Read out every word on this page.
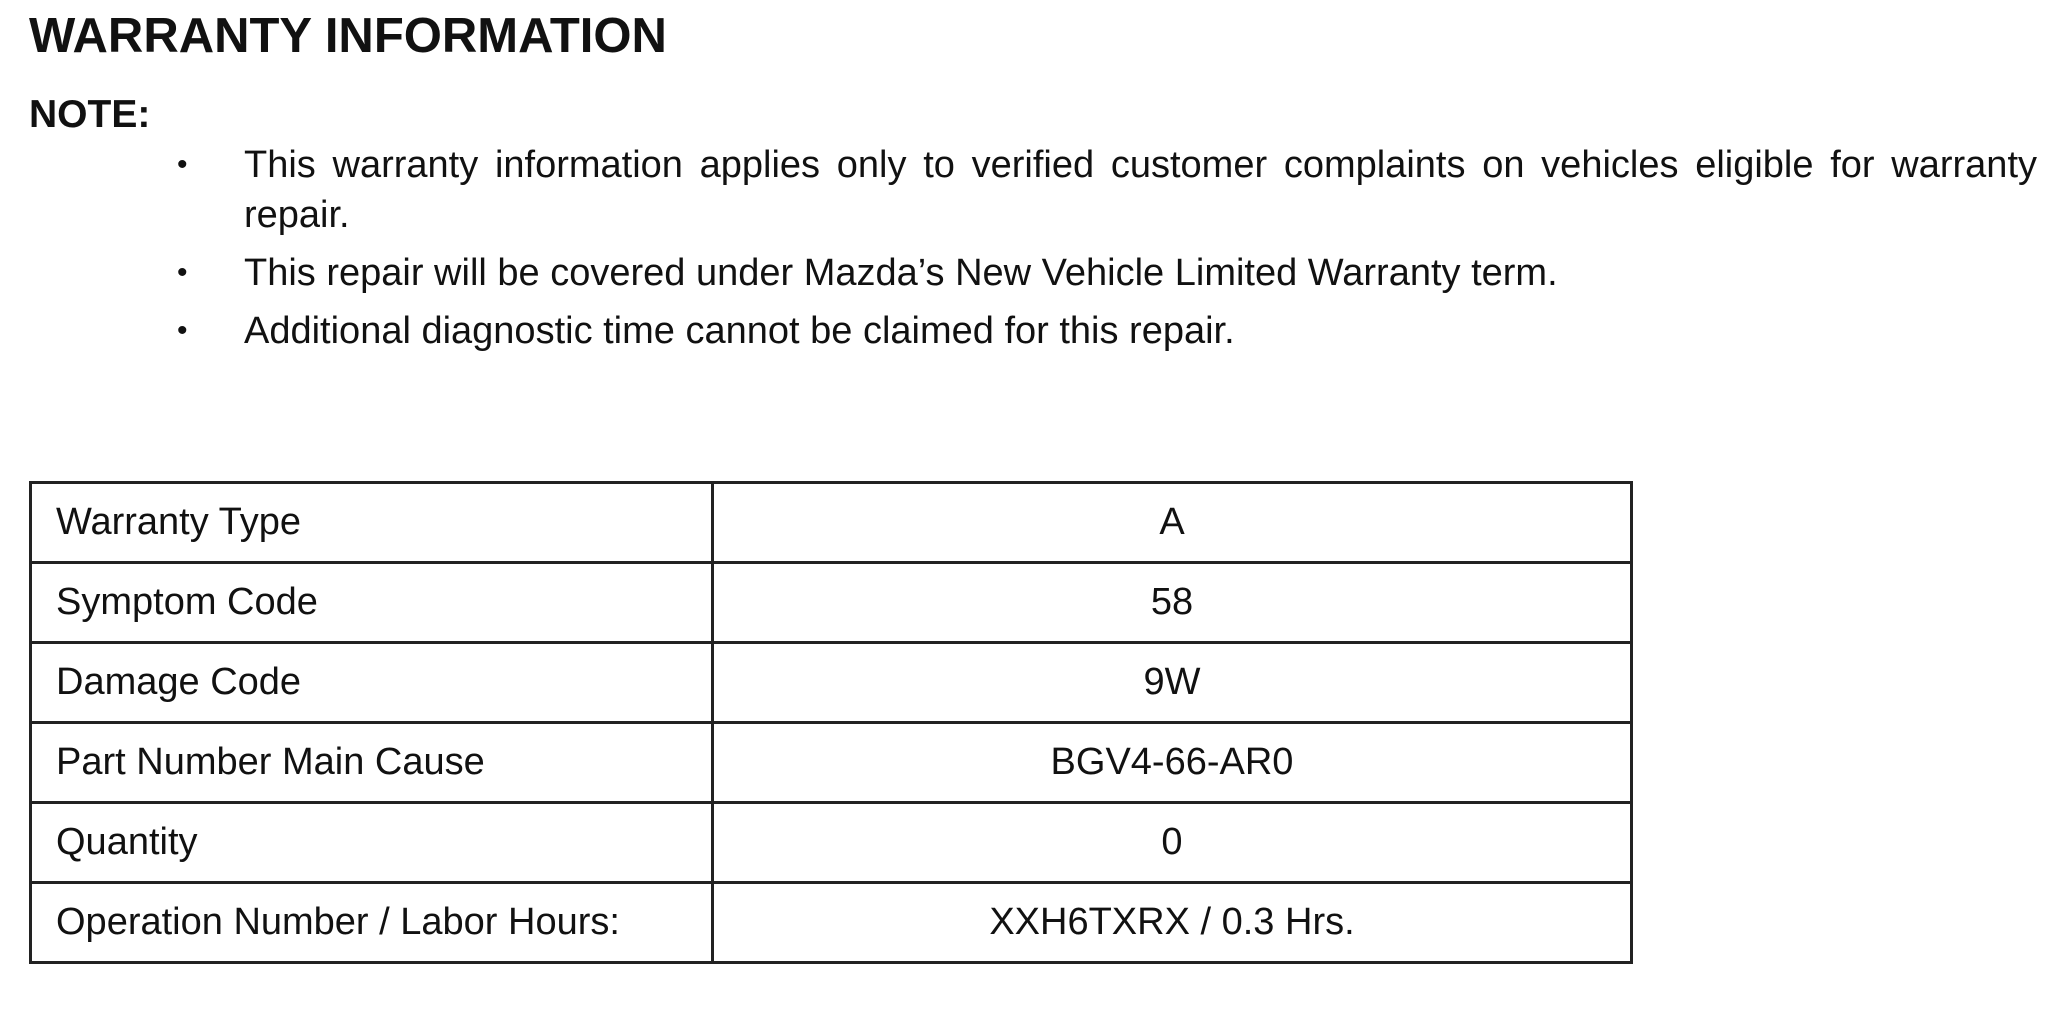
WARRANTY INFORMATION
NOTE:
• This warranty information applies only to verified customer complaints on vehicles eligible for warranty repair.
• This repair will be covered under Mazda’s New Vehicle Limited Warranty term.
• Additional diagnostic time cannot be claimed for this repair.
Warranty Type	A
Symptom Code	58
Damage Code	9W
Part Number Main Cause	BGV4-66-AR0
Quantity	0
Operation Number / Labor Hours:	XXH6TXRX / 0.3 Hrs.
